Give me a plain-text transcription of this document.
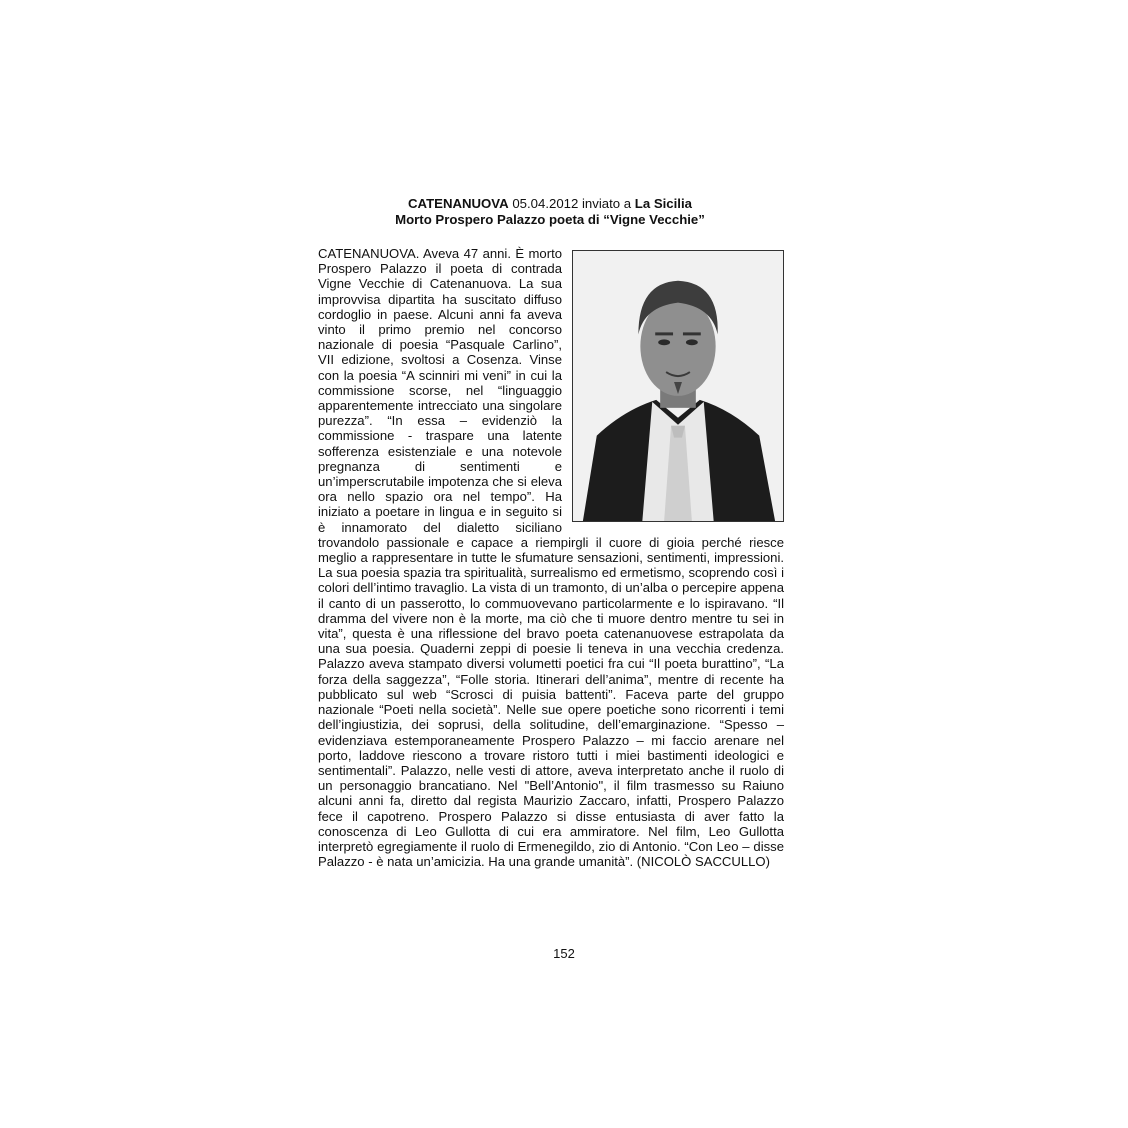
CATENANUOVA 05.04.2012 inviato a La Sicilia
Morto Prospero Palazzo poeta di “Vigne Vecchie”

CATENANUOVA. Aveva 47 anni. È morto Prospero Palazzo il poeta di contrada Vigne Vecchie di Catenanuova. La sua improvvisa dipartita ha suscitato diffuso cordoglio in paese. Alcuni anni fa aveva vinto il primo premio nel concorso nazionale di poesia “Pasquale Carlino”, VII edizione, svoltosi a Cosenza. Vinse con la poesia “A scinniri mi veni” in cui la commissione scorse, nel “linguaggio apparentemente intrecciato una singolare purezza”. “In essa – evidenziò la commissione - traspare una latente sofferenza esistenziale e una notevole pregnanza di sentimenti e un’imperscrutabile impotenza che si eleva ora nello spazio ora nel tempo”. Ha iniziato a poetare in lingua e in seguito si è innamorato del dialetto siciliano trovandolo passionale e capace a riempirgli il cuore di gioia perché riesce meglio a rappresentare in tutte le sfumature sensazioni, sentimenti, impressioni. La sua poesia spazia tra spiritualità, surrealismo ed ermetismo, scoprendo così i colori dell’intimo travaglio. La vista di un tramonto, di un’alba o percepire appena il canto di un passerotto, lo commuovevano particolarmente e lo ispiravano. “Il dramma del vivere non è la morte, ma ciò che ti muore dentro mentre tu sei in vita”, questa è una riflessione del bravo poeta catenanuovese estrapolata da una sua poesia. Quaderni zeppi di poesie li teneva in una vecchia credenza. Palazzo aveva stampato diversi volumetti poetici fra cui “Il poeta burattino”, “La forza della saggezza”, “Folle storia. Itinerari dell’anima”, mentre di recente ha pubblicato sul web “Scrosci di puisia battenti”. Faceva parte del gruppo nazionale “Poeti nella società”. Nelle sue opere poetiche sono ricorrenti i temi dell’ingiustizia, dei soprusi, della solitudine, dell’emarginazione. “Spesso – evidenziava estemporaneamente Prospero Palazzo – mi faccio arenare nel porto, laddove riescono a trovare ristoro tutti i miei bastimenti ideologici e sentimentali”. Palazzo, nelle vesti di attore, aveva interpretato anche il ruolo di un personaggio brancatiano. Nel "Bell’Antonio", il film trasmesso su Raiuno alcuni anni fa, diretto dal regista Maurizio Zaccaro, infatti, Prospero Palazzo fece il capotreno. Prospero Palazzo si disse entusiasta di aver fatto la conoscenza di Leo Gullotta di cui era ammiratore. Nel film, Leo Gullotta interpretò egregiamente il ruolo di Ermenegildo, zio di Antonio. “Con Leo – disse Palazzo - è nata un’amicizia. Ha una grande umanità”. (NICOLÒ SACCULLO)

152
